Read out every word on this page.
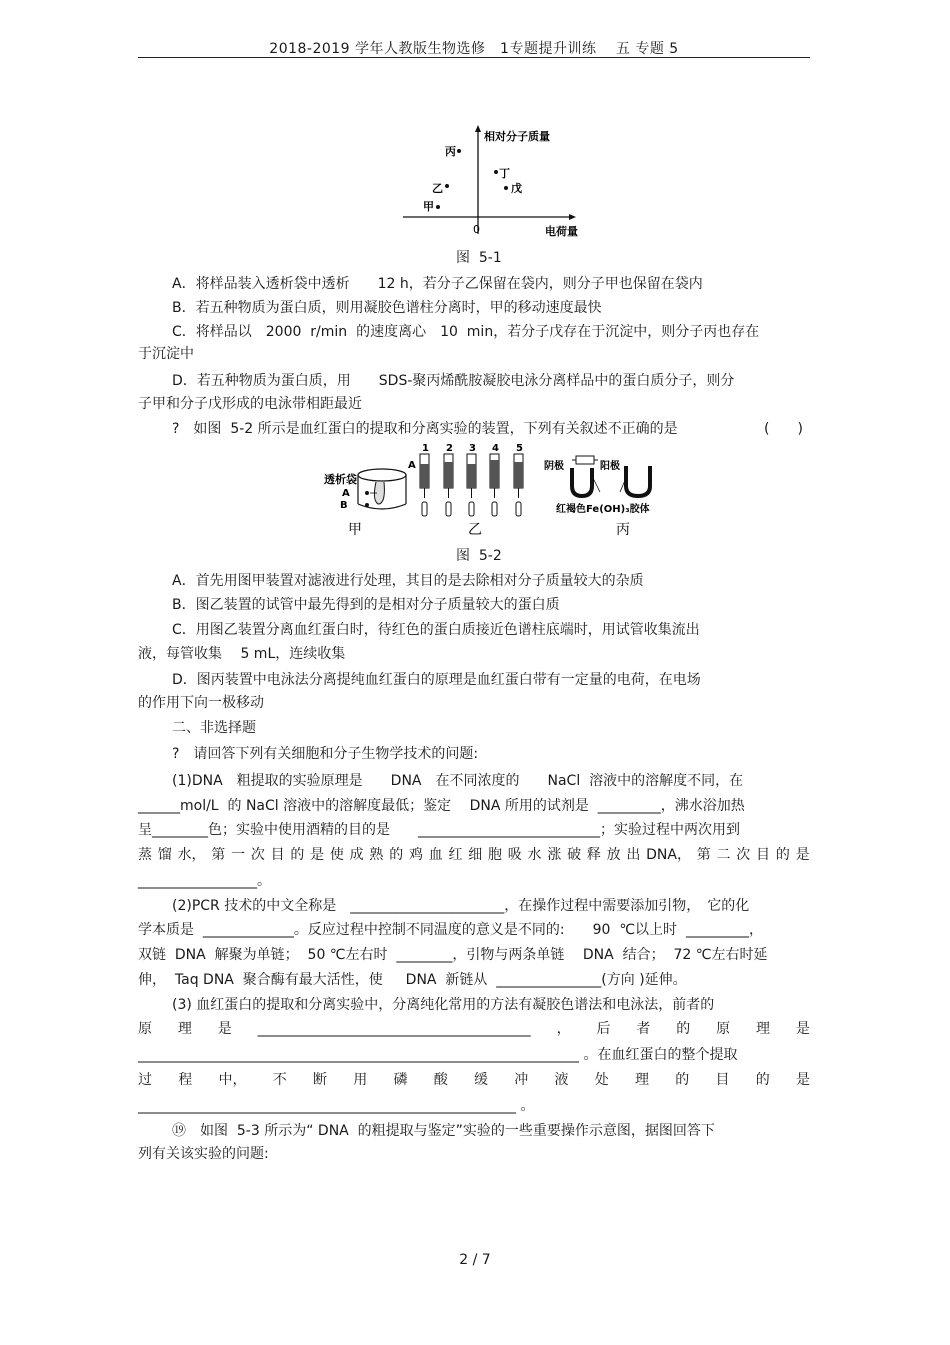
2018-2019 学年人教版生物选修　1专题提升训练　 五 专题 5
相对分子质量
电荷量
0
丙
乙
甲
丁
戊
图  5-1
A．将样品装入透析袋中透析　　12 h，若分子乙保留在袋内，则分子甲也保留在袋内
B．若五种物质为蛋白质，则用凝胶色谱柱分离时，甲的移动速度最快
C．将样品以　2000  r/min  的速度离心　10  min，若分子戊存在于沉淀中，则分子丙也存在
于沉淀中
D．若五种物质为蛋白质，用　　SDS-聚丙烯酰胺凝胶电泳分离样品中的蛋白质分子，则分
子甲和分子戊形成的电泳带相距最近
?　如图  5-2 所示是血红蛋白的提取和分离实验的装置，下列有关叙述不正确的是	(　　)
透析袋
A
B
A
1 2 3 4 5
阴极	阳极
红褐色Fe(OH)₃胶体
甲	乙	丙
图  5-2
A．首先用图甲装置对滤液进行处理，其目的是去除相对分子质量较大的杂质
B．图乙装置的试管中最先得到的是相对分子质量较大的蛋白质
C．用图乙装置分离血红蛋白时，待红色的蛋白质接近色谱柱底端时，用试管收集流出
液，每管收集　 5 mL，连续收集
D．图丙装置中电泳法分离提纯血红蛋白的原理是血红蛋白带有一定量的电荷，在电场
的作用下向一极移动
二、非选择题
?　请回答下列有关细胞和分子生物学技术的问题:
(1)DNA　粗提取的实验原理是　　DNA　在不同浓度的　　NaCl  溶液中的溶解度不同，在
______mol/L  的 NaCl 溶液中的溶解度最低；鉴定　 DNA 所用的试剂是  _________，沸水浴加热
呈________色；实验中使用酒精的目的是　　__________________________；实验过程中两次用到
蒸 馏 水， 第 一 次 目 的 是 使 成 熟 的 鸡 血 红 细 胞 吸 水 涨 破 释 放 出 DNA， 第 二 次 目 的 是
_________________。
(2)PCR 技术的中文全称是　______________________，在操作过程中需要添加引物，　它的化
学本质是  _____________。反应过程中控制不同温度的意义是不同的:　　90  ℃以上时  _________，
双链  DNA  解聚为单链；  50 ℃左右时  ________，引物与两条单链　 DNA  结合；  72 ℃左右时延
伸，  Taq DNA  聚合酶有最大活性，使　  DNA  新链从  _______________(方向 )延伸。
(3) 血红蛋白的提取和分离实验中，分离纯化常用的方法有凝胶色谱法和电泳法，前者的
原 理 是 _______________________________________ ， 后 者 的 原 理 是
_______________________________________________________________ 。在血红蛋白的整个提取
过 程 中， 不 断 用 磷 酸 缓 冲 液 处 理 的 目 的 是
______________________________________________________ 。
⑲　如图  5-3 所示为“ DNA  的粗提取与鉴定”实验的一些重要操作示意图，据图回答下
列有关该实验的问题:
2 / 7
